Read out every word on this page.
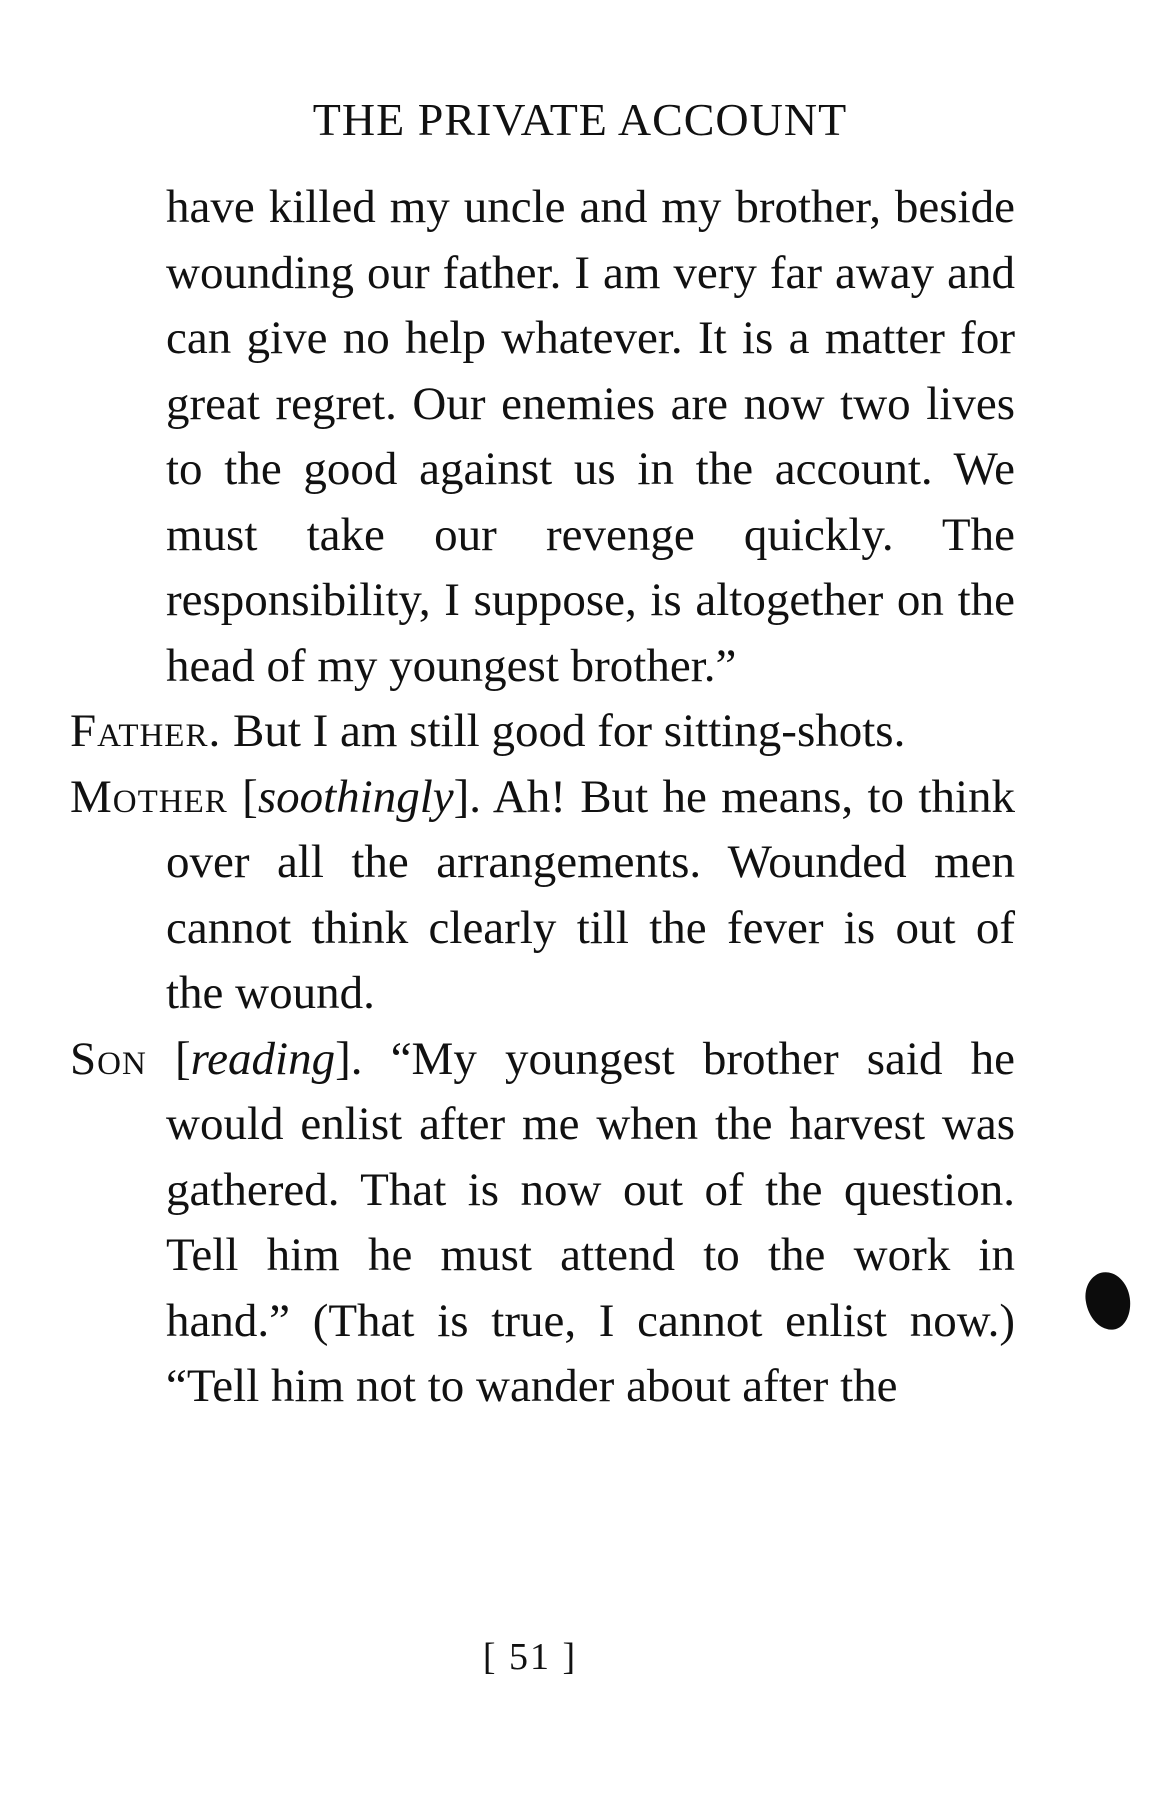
THE PRIVATE ACCOUNT

have killed my uncle and my brother, beside wounding our father. I am very far away and can give no help whatever. It is a matter for great regret. Our enemies are now two lives to the good against us in the account. We must take our revenge quickly. The responsibility, I suppose, is altogether on the head of my youngest brother.”

Father. But I am still good for sitting-shots.

Mother [soothingly]. Ah! But he means, to think over all the arrangements. Wounded men cannot think clearly till the fever is out of the wound.

Son [reading]. “My youngest brother said he would enlist after me when the harvest was gathered. That is now out of the question. Tell him he must attend to the work in hand.” (That is true, I cannot enlist now.) “Tell him not to wander about after the

[ 51 ]
